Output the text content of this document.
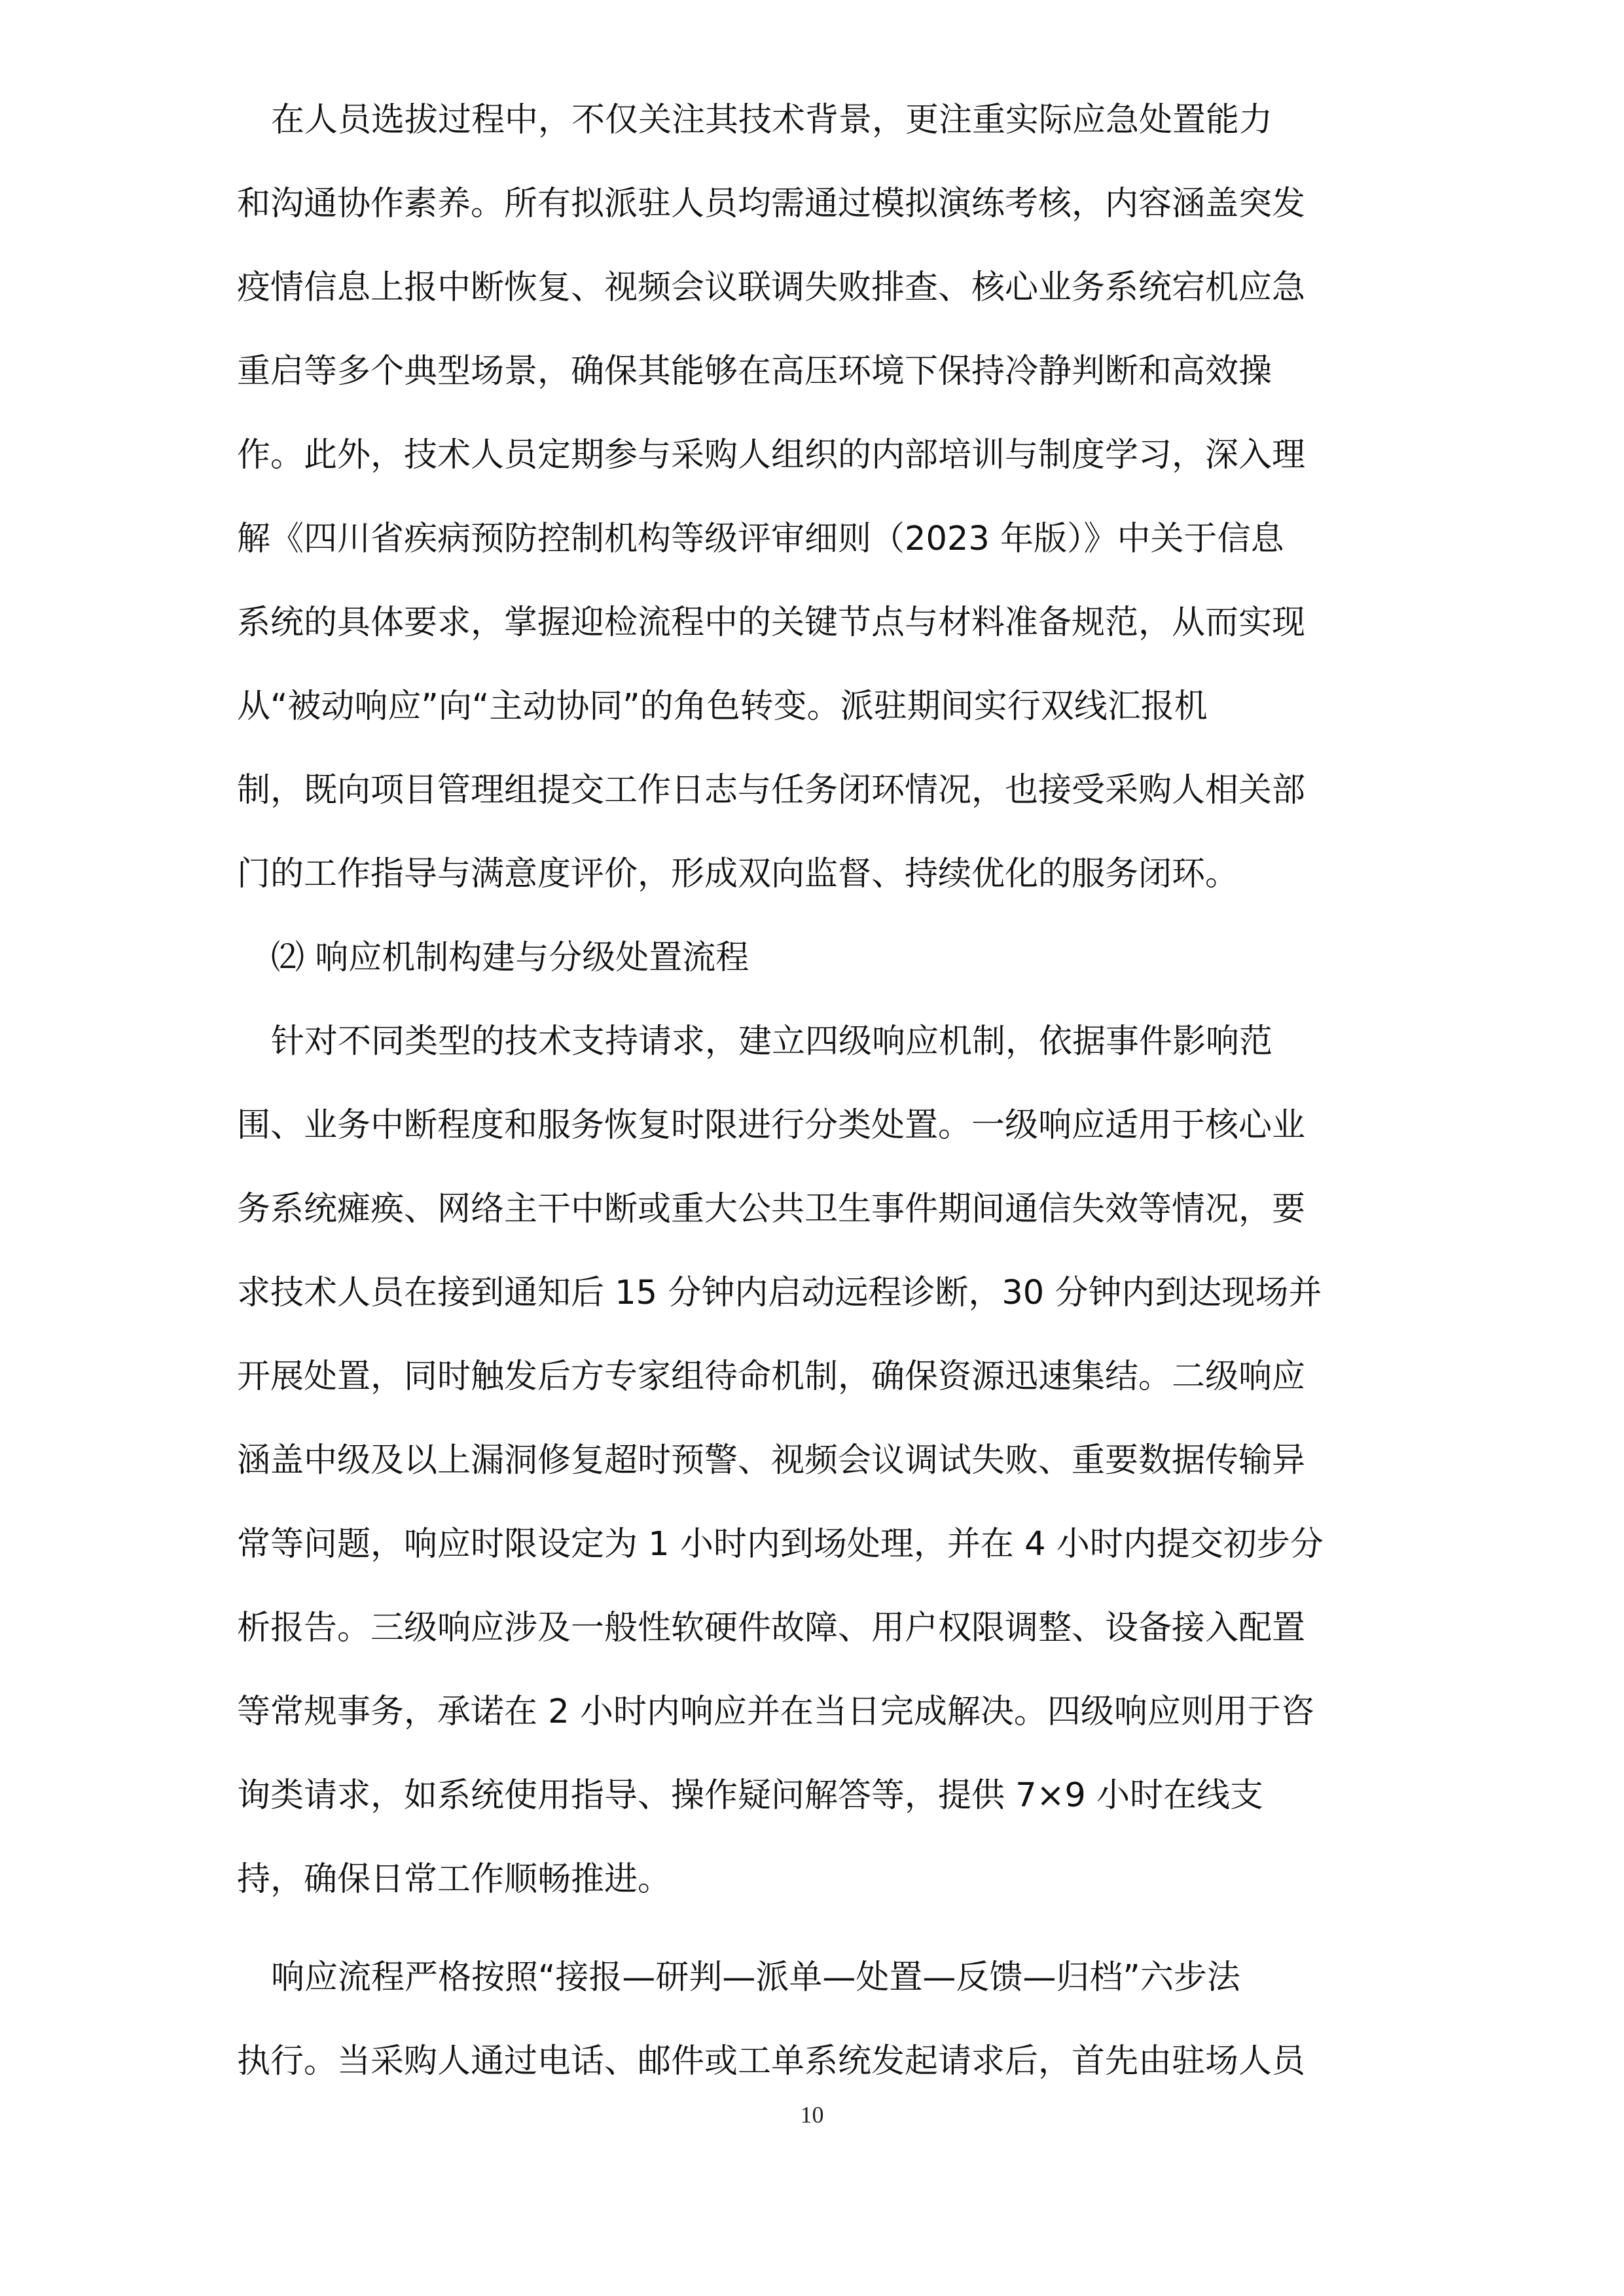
在人员选拔过程中，不仅关注其技术背景，更注重实际应急处置能力
和沟通协作素养。所有拟派驻人员均需通过模拟演练考核，内容涵盖突发
疫情信息上报中断恢复、视频会议联调失败排查、核心业务系统宕机应急
重启等多个典型场景，确保其能够在高压环境下保持冷静判断和高效操
作。此外，技术人员定期参与采购人组织的内部培训与制度学习，深入理
解《四川省疾病预防控制机构等级评审细则（2023 年版）》中关于信息
系统的具体要求，掌握迎检流程中的关键节点与材料准备规范，从而实现
从“被动响应”向“主动协同”的角色转变。派驻期间实行双线汇报机
制，既向项目管理组提交工作日志与任务闭环情况，也接受采购人相关部
门的工作指导与满意度评价，形成双向监督、持续优化的服务闭环。
⑵ 响应机制构建与分级处置流程
针对不同类型的技术支持请求，建立四级响应机制，依据事件影响范
围、业务中断程度和服务恢复时限进行分类处置。一级响应适用于核心业
务系统瘫痪、网络主干中断或重大公共卫生事件期间通信失效等情况，要
求技术人员在接到通知后 15 分钟内启动远程诊断，30 分钟内到达现场并
开展处置，同时触发后方专家组待命机制，确保资源迅速集结。二级响应
涵盖中级及以上漏洞修复超时预警、视频会议调试失败、重要数据传输异
常等问题，响应时限设定为 1 小时内到场处理，并在 4 小时内提交初步分
析报告。三级响应涉及一般性软硬件故障、用户权限调整、设备接入配置
等常规事务，承诺在 2 小时内响应并在当日完成解决。四级响应则用于咨
询类请求，如系统使用指导、操作疑问解答等，提供 7×9 小时在线支
持，确保日常工作顺畅推进。
响应流程严格按照“接报—研判—派单—处置—反馈—归档”六步法
执行。当采购人通过电话、邮件或工单系统发起请求后，首先由驻场人员
10
